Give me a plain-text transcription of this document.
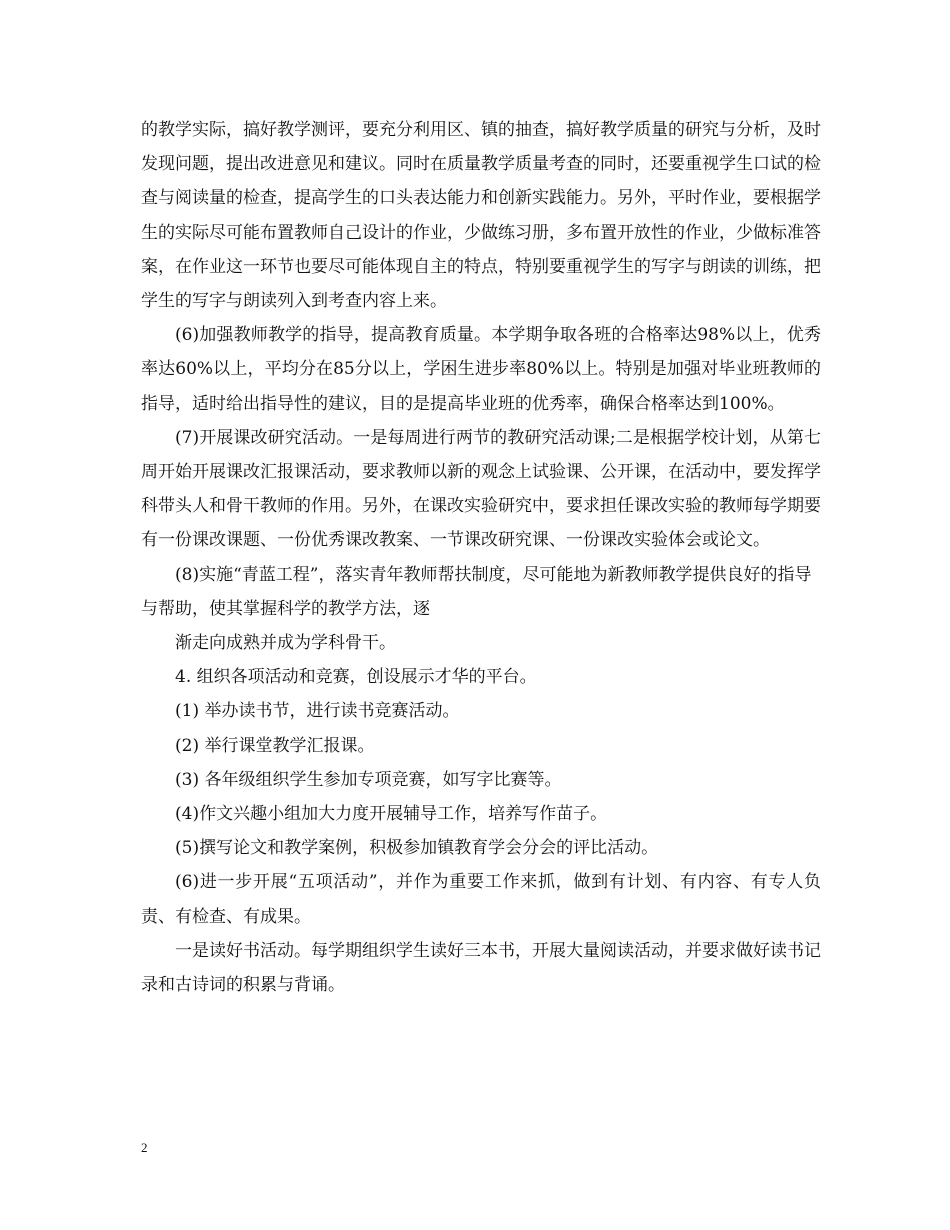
的教学实际，搞好教学测评，要充分利用区、镇的抽查，搞好教学质量的研究与分析，及时发现问题，提出改进意见和建议。同时在质量教学质量考查的同时，还要重视学生口试的检查与阅读量的检查，提高学生的口头表达能力和创新实践能力。另外，平时作业，要根据学生的实际尽可能布置教师自己设计的作业，少做练习册，多布置开放性的作业，少做标准答案，在作业这一环节也要尽可能体现自主的特点，特别要重视学生的写字与朗读的训练，把学生的写字与朗读列入到考查内容上来。

(6)加强教师教学的指导，提高教育质量。本学期争取各班的合格率达98%以上，优秀率达60%以上，平均分在85分以上，学困生进步率80%以上。特别是加强对毕业班教师的指导，适时给出指导性的建议，目的是提高毕业班的优秀率，确保合格率达到100%。

(7)开展课改研究活动。一是每周进行两节的教研究活动课;二是根据学校计划，从第七周开始开展课改汇报课活动，要求教师以新的观念上试验课、公开课，在活动中，要发挥学科带头人和骨干教师的作用。另外，在课改实验研究中，要求担任课改实验的教师每学期要有一份课改课题、一份优秀课改教案、一节课改研究课、一份课改实验体会或论文。

(8)实施“青蓝工程”，落实青年教师帮扶制度，尽可能地为新教师教学提供良好的指导与帮助，使其掌握科学的教学方法，逐

渐走向成熟并成为学科骨干。

4. 组织各项活动和竞赛，创设展示才华的平台。

(1) 举办读书节，进行读书竞赛活动。

(2) 举行课堂教学汇报课。

(3) 各年级组织学生参加专项竞赛，如写字比赛等。

(4)作文兴趣小组加大力度开展辅导工作，培养写作苗子。

(5)撰写论文和教学案例，积极参加镇教育学会分会的评比活动。

(6)进一步开展“五项活动”，并作为重要工作来抓，做到有计划、有内容、有专人负责、有检查、有成果。

一是读好书活动。每学期组织学生读好三本书，开展大量阅读活动，并要求做好读书记录和古诗词的积累与背诵。

2
